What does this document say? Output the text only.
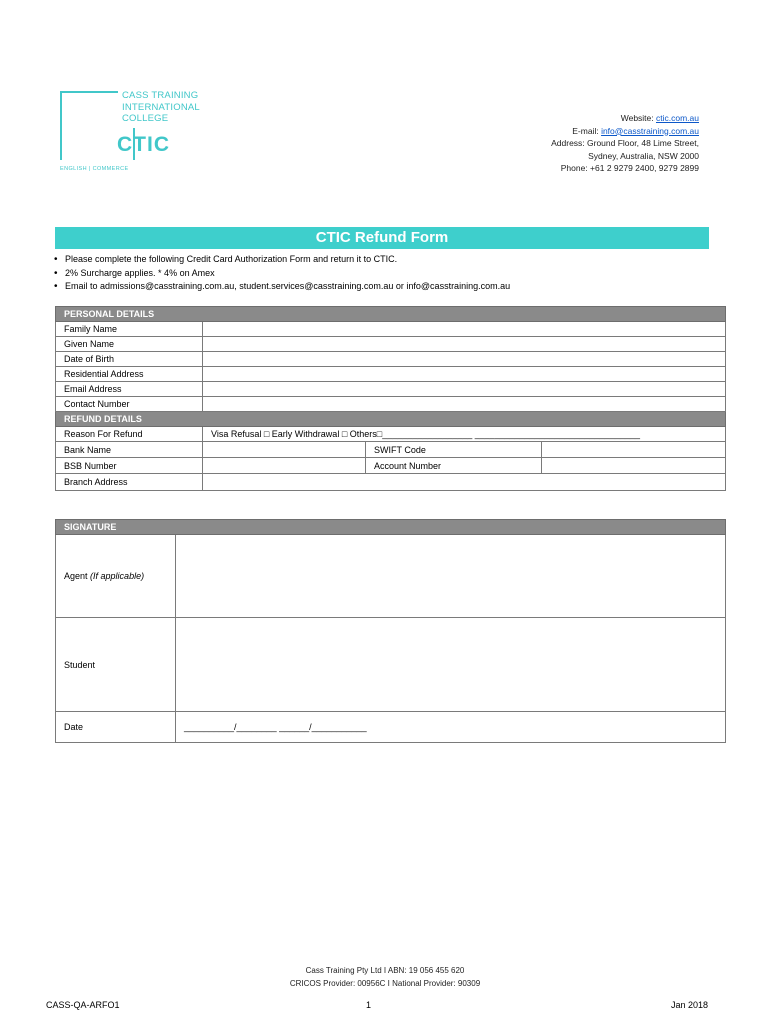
CASS TRAINING
INTERNATIONAL
COLLEGE
CTIC
ENGLISH | COMMERCE
Website: ctic.com.au
E-mail: info@casstraining.com.au
Address: Ground Floor, 48 Lime Street,
Sydney, Australia, NSW 2000
Phone: +61 2 9279 2400, 9279 2899
CTIC Refund Form
• Please complete the following Credit Card Authorization Form and return it to CTIC.
• 2% Surcharge applies. * 4% on Amex
• Email to admissions@casstraining.com.au, student.services@casstraining.com.au or info@casstraining.com.au
PERSONAL DETAILS			
Family Name			
Given Name			
Date of Birth			
Residential Address			
Email Address			
Contact Number			
REFUND DETAILS			
Reason For Refund	Visa Refusal □ Early Withdrawal □ Others□__________________ _________________________________		
Bank Name		SWIFT Code	
BSB Number		Account Number	
Branch Address			
SIGNATURE	
Agent (If applicable)	
Student	
Date	__________/________ ______/___________
Cass Training Pty Ltd I ABN: 19 056 455 620
CRICOS Provider: 00956C I National Provider: 90309
CASS-QA-ARFO1	1	Jan 2018
